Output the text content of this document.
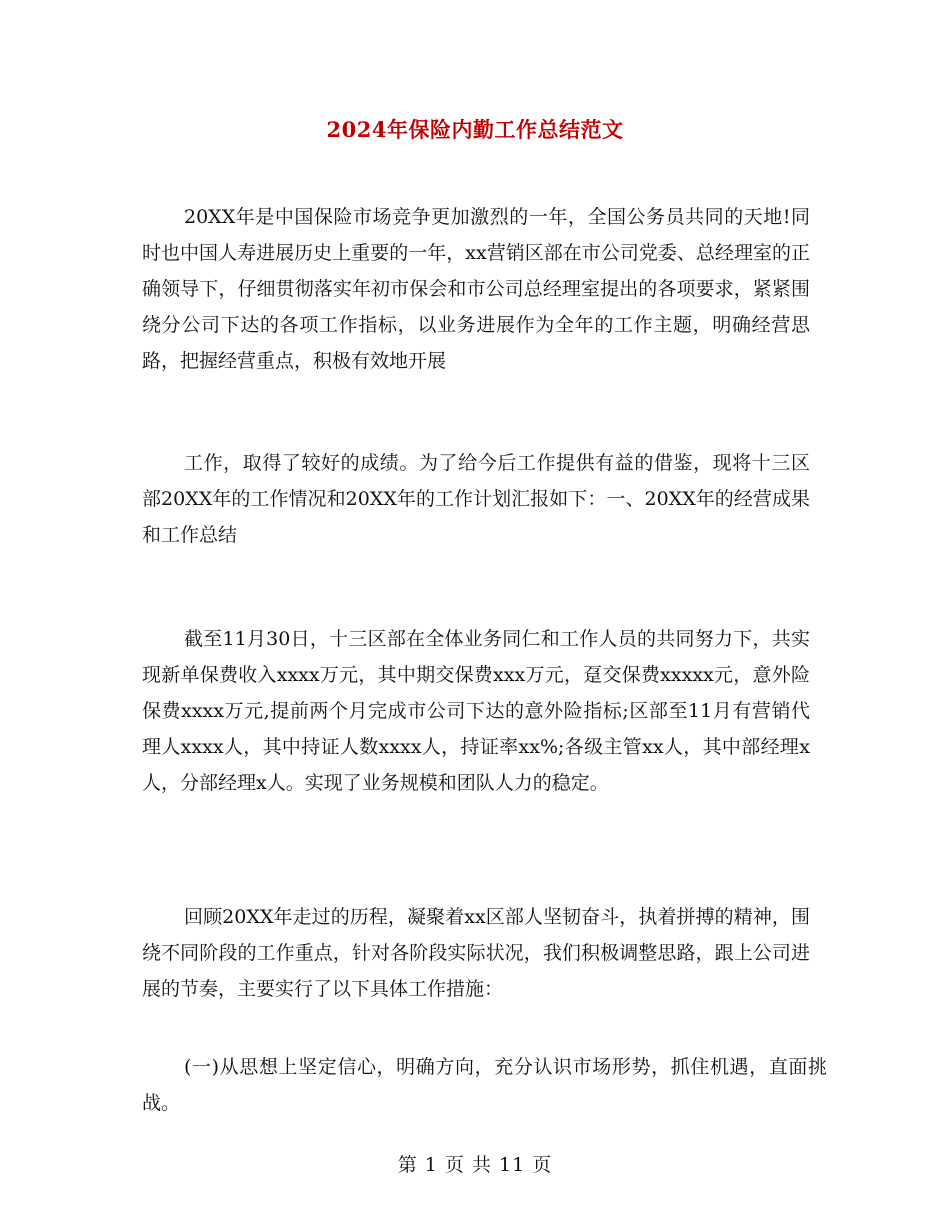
2024年保险内勤工作总结范文

20XX年是中国保险市场竞争更加激烈的一年，全国公务员共同的天地!同时也中国人寿进展历史上重要的一年，xx营销区部在市公司党委、总经理室的正确领导下，仔细贯彻落实年初市保会和市公司总经理室提出的各项要求，紧紧围绕分公司下达的各项工作指标，以业务进展作为全年的工作主题，明确经营思路，把握经营重点，积极有效地开展

工作，取得了较好的成绩。为了给今后工作提供有益的借鉴，现将十三区部20XX年的工作情况和20XX年的工作计划汇报如下：一、20XX年的经营成果和工作总结

截至11月30日，十三区部在全体业务同仁和工作人员的共同努力下，共实现新单保费收入xxxx万元，其中期交保费xxx万元，趸交保费xxxxx元，意外险保费xxxx万元,提前两个月完成市公司下达的意外险指标;区部至11月有营销代理人xxxx人，其中持证人数xxxx人，持证率xx%;各级主管xx人，其中部经理x人，分部经理x人。实现了业务规模和团队人力的稳定。

回顾20XX年走过的历程，凝聚着xx区部人坚韧奋斗，执着拼搏的精神，围绕不同阶段的工作重点，针对各阶段实际状况，我们积极调整思路，跟上公司进展的节奏，主要实行了以下具体工作措施：

(一)从思想上坚定信心，明确方向，充分认识市场形势，抓住机遇，直面挑战。

第 1 页 共 11 页
